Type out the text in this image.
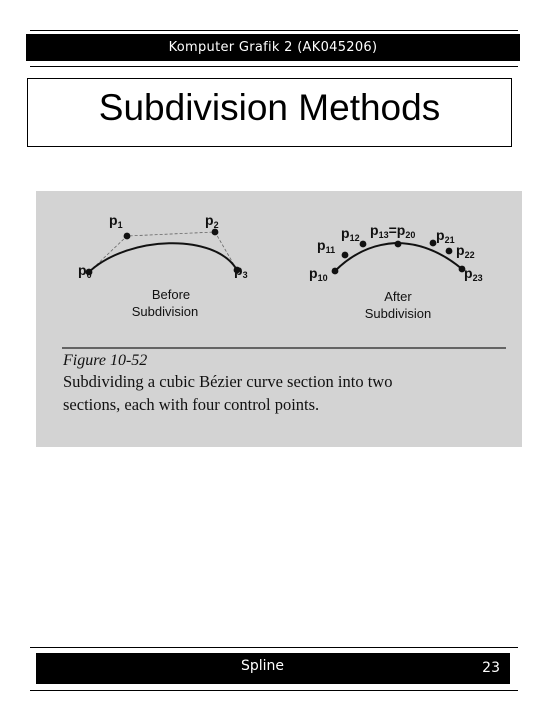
Komputer Grafik 2 (AK045206)
Subdivision Methods
$p_0$
$p_1$	$p_2$
$p_3$
Before
Subdivision
$p_{10}$
$p_{11}$
$p_{12}$ $p_{13}=p_{20}$ $p_{21}$
$p_{22}$
$p_{23}$
After
Subdivision
Figure 10-52
Subdividing a cubic Bézier curve section into two
sections, each with four control points.
Spline	23
